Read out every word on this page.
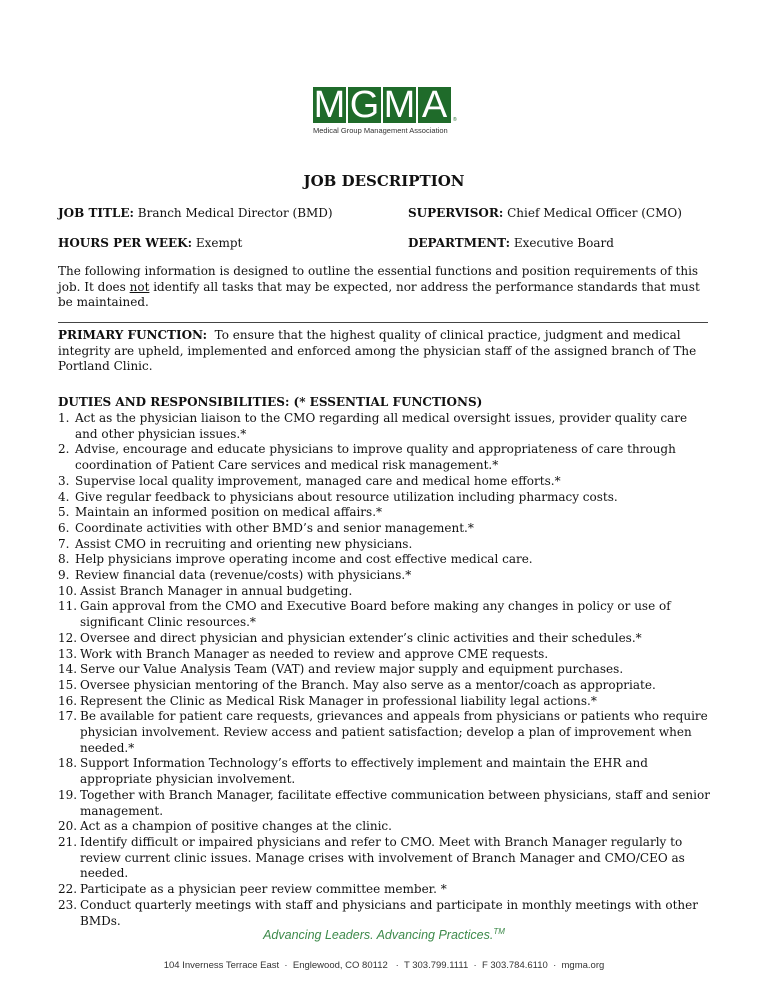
M G M A	®
Medical Group Management Association
JOB DESCRIPTION
JOB TITLE: Branch Medical Director (BMD)	SUPERVISOR: Chief Medical Officer (CMO)
HOURS PER WEEK: Exempt	DEPARTMENT: Executive Board
The following information is designed to outline the essential functions and position requirements of this job. It does not identify all tasks that may be expected, nor address the performance standards that must be maintained.
PRIMARY FUNCTION:  To ensure that the highest quality of clinical practice, judgment and medical integrity are upheld, implemented and enforced among the physician staff of the assigned branch of The Portland Clinic.
DUTIES AND RESPONSIBILITIES: (* ESSENTIAL FUNCTIONS)
1. Act as the physician liaison to the CMO regarding all medical oversight issues, provider quality care and other physician issues.*
2. Advise, encourage and educate physicians to improve quality and appropriateness of care through coordination of Patient Care services and medical risk management.*
3. Supervise local quality improvement, managed care and medical home efforts.*
4. Give regular feedback to physicians about resource utilization including pharmacy costs.
5. Maintain an informed position on medical affairs.*
6. Coordinate activities with other BMD’s and senior management.*
7. Assist CMO in recruiting and orienting new physicians.
8. Help physicians improve operating income and cost effective medical care.
9. Review financial data (revenue/costs) with physicians.*
10. Assist Branch Manager in annual budgeting.
11. Gain approval from the CMO and Executive Board before making any changes in policy or use of significant Clinic resources.*
12. Oversee and direct physician and physician extender’s clinic activities and their schedules.*
13. Work with Branch Manager as needed to review and approve CME requests.
14. Serve our Value Analysis Team (VAT) and review major supply and equipment purchases.
15. Oversee physician mentoring of the Branch. May also serve as a mentor/coach as appropriate.
16. Represent the Clinic as Medical Risk Manager in professional liability legal actions.*
17. Be available for patient care requests, grievances and appeals from physicians or patients who require physician involvement. Review access and patient satisfaction; develop a plan of improvement when needed.*
18. Support Information Technology’s efforts to effectively implement and maintain the EHR and appropriate physician involvement.
19. Together with Branch Manager, facilitate effective communication between physicians, staff and senior management.
20. Act as a champion of positive changes at the clinic.
21. Identify difficult or impaired physicians and refer to CMO. Meet with Branch Manager regularly to review current clinic issues. Manage crises with involvement of Branch Manager and CMO/CEO as needed.
22. Participate as a physician peer review committee member. *
23. Conduct quarterly meetings with staff and physicians and participate in monthly meetings with other BMDs.
Advancing Leaders. Advancing Practices.™
104 Inverness Terrace East  ·  Englewood, CO 80112   ·  T 303.799.1111  ·  F 303.784.6110  ·  mgma.org
